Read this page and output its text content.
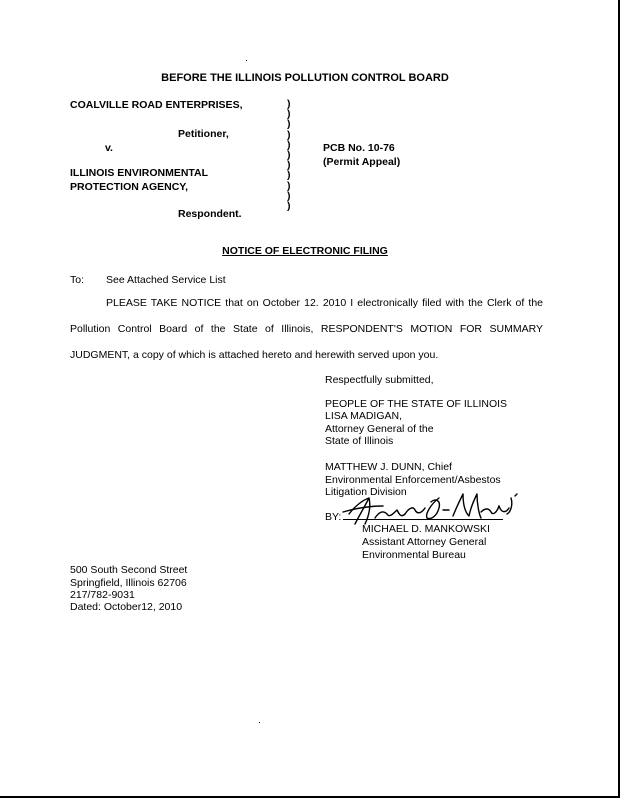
BEFORE THE ILLINOIS POLLUTION CONTROL BOARD
COALVILLE ROAD ENTERPRISES,
Petitioner,
v.
ILLINOIS ENVIRONMENTAL
PROTECTION AGENCY,
Respondent.
)
)
)
)
)
)
)
)
)
)
)
PCB No. 10-76
(Permit Appeal)
NOTICE OF ELECTRONIC FILING
To: See Attached Service List
PLEASE TAKE NOTICE that on October 12. 2010 I electronically filed with the Clerk of the
Pollution Control Board of the State of Illinois, RESPONDENT'S MOTION FOR SUMMARY
JUDGMENT, a copy of which is attached hereto and herewith served upon you.
Respectfully submitted,
PEOPLE OF THE STATE OF ILLINOIS
LISA MADIGAN,
Attorney General of the
State of Illinois
MATTHEW J. DUNN, Chief
Environmental Enforcement/Asbestos
Litigation Division
BY:
MICHAEL D. MANKOWSKI
Assistant Attorney General
Environmental Bureau
500 South Second Street
Springfield, Illinois 62706
217/782-9031
Dated: October12, 2010
